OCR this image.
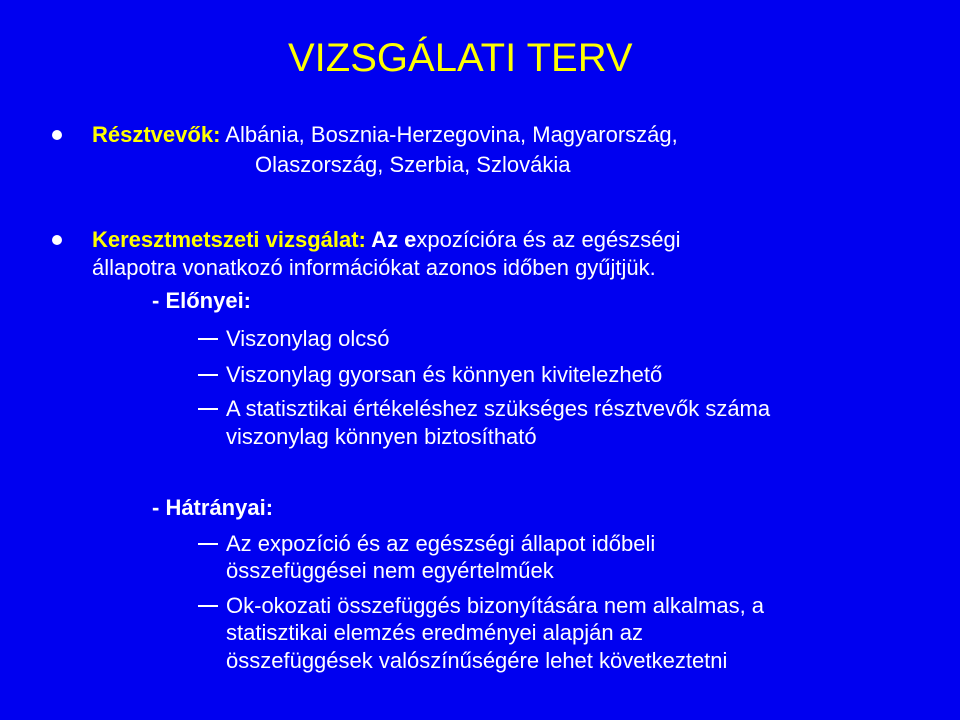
VIZSGÁLATI TERV
Résztvevők: Albánia, Bosznia-Herzegovina, Magyarország,
Olaszország, Szerbia, Szlovákia
Keresztmetszeti vizsgálat: Az expozícióra és az egészségi
állapotra vonatkozó információkat azonos időben gyűjtjük.
- Előnyei:
Viszonylag olcsó
Viszonylag gyorsan és könnyen kivitelezhető
A statisztikai értékeléshez szükséges résztvevők száma
viszonylag könnyen biztosítható
- Hátrányai:
Az expozíció és az egészségi állapot időbeli
összefüggései nem egyértelműek
Ok-okozati összefüggés bizonyítására nem alkalmas, a
statisztikai elemzés eredményei alapján az
összefüggések valószínűségére lehet következtetni
